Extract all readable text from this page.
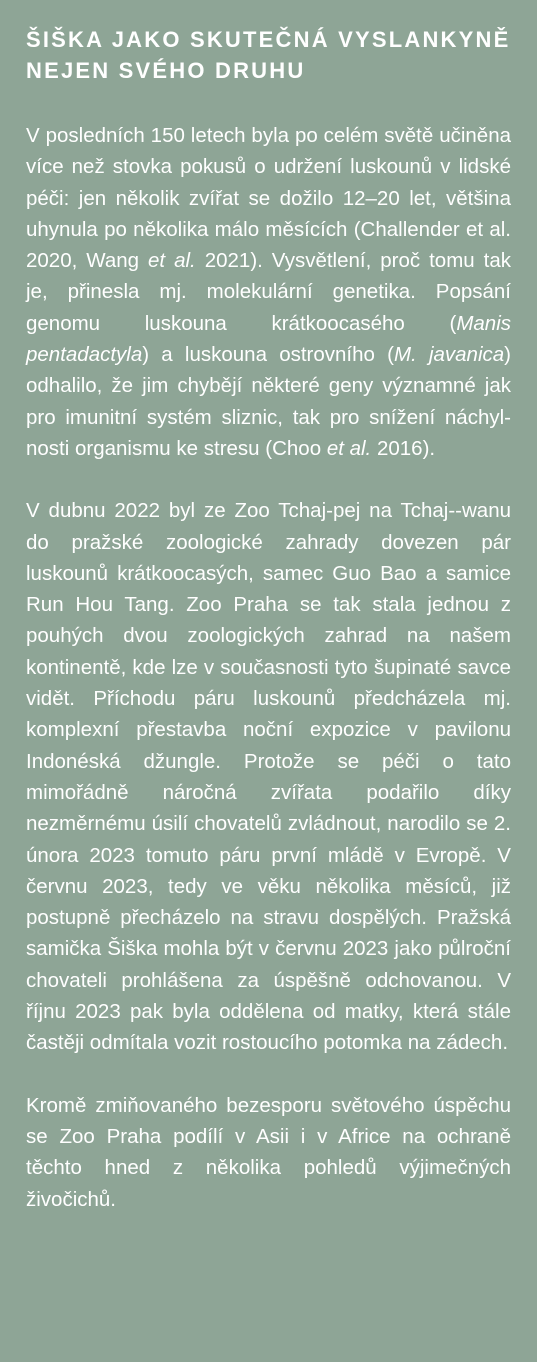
ŠIŠKA JAKO SKUTEČNÁ VYSLANKYNĚ
NEJEN SVÉHO DRUHU

V posledních 150 letech byla po celém světě učiněna více než stovka pokusů o udržení luskounů v lidské péči: jen několik zvířat se dožilo 12–20 let, většina uhynula po několika málo měsících (Challender et al. 2020, Wang et al. 2021). Vysvětlení, proč tomu tak je, přinesla mj. molekulární genetika. Popsání genomu luskouna krátkoocasého (Manis pentadactyla) a luskouna ostrovního (M. javanica) odhalilo, že jim chybějí některé geny významné jak pro imunitní systém sliznic, tak pro snížení náchylnosti organismu ke stresu (Choo et al. 2016).

V dubnu 2022 byl ze Zoo Tchaj-pej na Tchaj--wanu do pražské zoologické zahrady dovezen pár luskounů krátkoocasých, samec Guo Bao a samice Run Hou Tang. Zoo Praha se tak stala jednou z pouhých dvou zoologických zahrad na našem kontinentě, kde lze v současnosti tyto šupinaté savce vidět. Příchodu páru luskounů předcházela mj. komplexní přestavba noční expozice v pavilonu Indonéská džungle. Protože se péči o tato mimořádně náročná zvířata podařilo díky nezměrnému úsilí chovatelů zvládnout, narodilo se 2. února 2023 tomuto páru první mládě v Evropě. V červnu 2023, tedy ve věku několika měsíců, již postupně přecházelo na stravu dospělých. Pražská samička Šiška mohla být v červnu 2023 jako půlroční chovateli prohlášena za úspěšně odchovanou. V říjnu 2023 pak byla oddělena od matky, která stále častěji odmítala vozit rostoucího potomka na zádech.

Kromě zmiňovaného bezesporu světového úspěchu se Zoo Praha podílí v Asii i v Africe na ochraně těchto hned z několika pohledů výjimečných živočichů.
